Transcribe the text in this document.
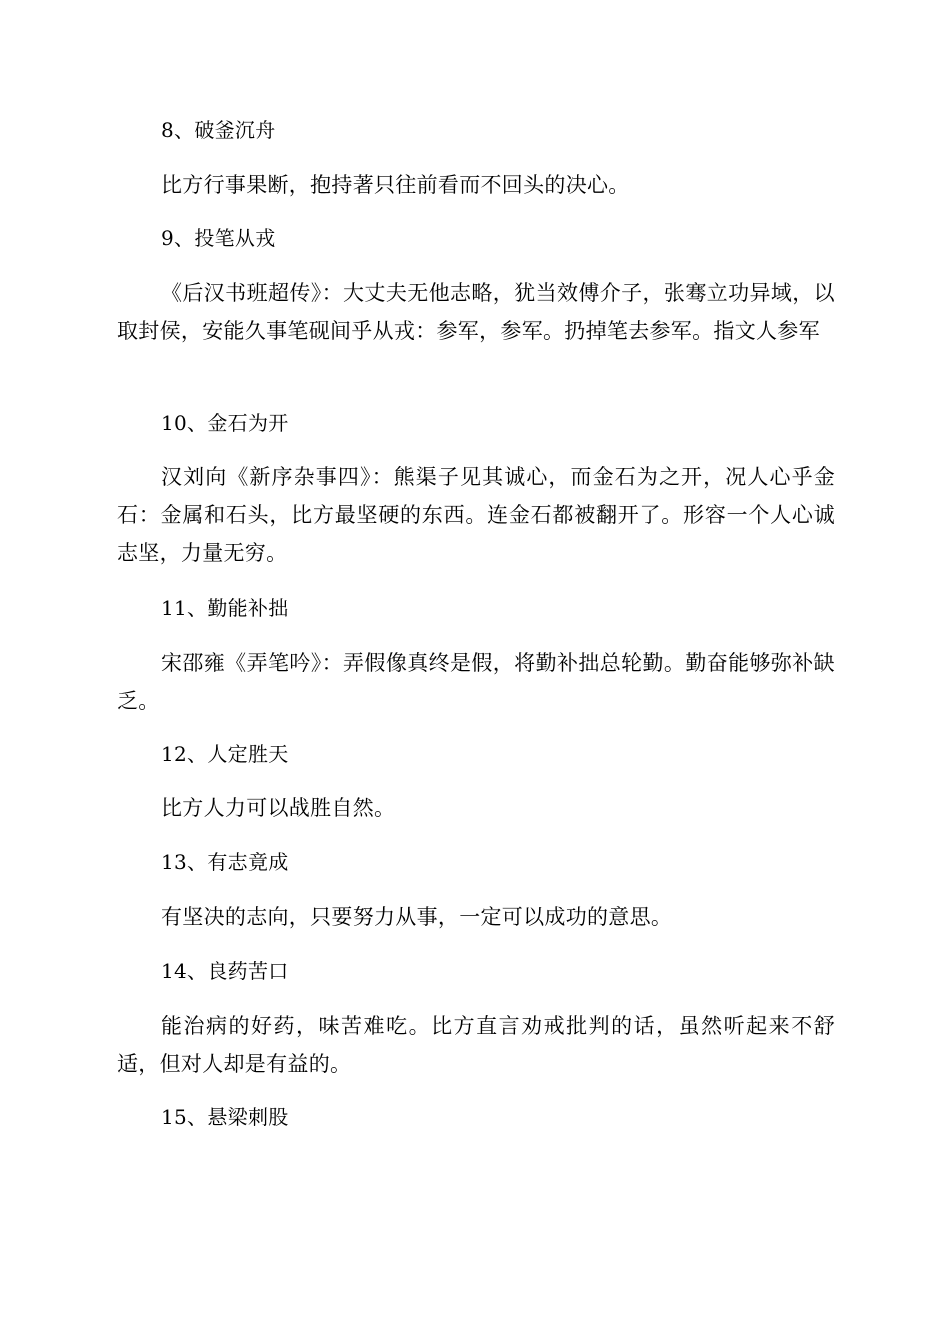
8、破釜沉舟

比方行事果断，抱持著只往前看而不回头的决心。

9、投笔从戎

《后汉书班超传》：大丈夫无他志略，犹当效傅介子，张骞立功异域，以取封侯，安能久事笔砚间乎从戎：参军，参军。扔掉笔去参军。指文人参军

10、金石为开

汉刘向《新序杂事四》：熊渠子见其诚心，而金石为之开，况人心乎金石：金属和石头，比方最坚硬的东西。连金石都被翻开了。形容一个人心诚志坚，力量无穷。

11、勤能补拙

宋邵雍《弄笔吟》：弄假像真终是假，将勤补拙总轮勤。勤奋能够弥补缺乏。

12、人定胜天

比方人力可以战胜自然。

13、有志竟成

有坚决的志向，只要努力从事，一定可以成功的意思。

14、良药苦口

能治病的好药，味苦难吃。比方直言劝戒批判的话，虽然听起来不舒适，但对人却是有益的。

15、悬梁刺股
